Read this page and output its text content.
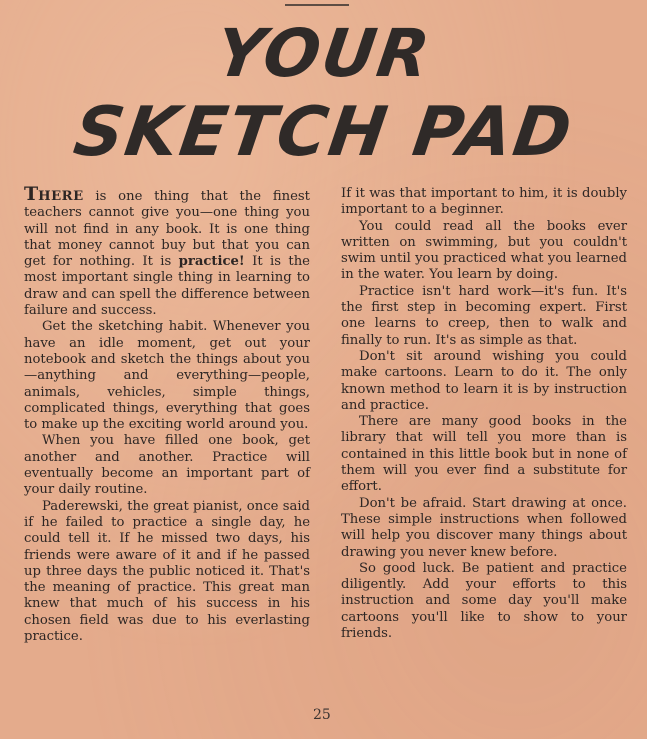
YOUR
SKETCH PAD

THERE is one thing that the finest teachers cannot give you—one thing you will not find in any book. It is one thing that money cannot buy but that you can get for nothing. It is practice! It is the most important single thing in learning to draw and can spell the difference between failure and success.

Get the sketching habit. Whenever you have an idle moment, get out your notebook and sketch the things about you—anything and everything—people, animals, vehicles, simple things, complicated things, everything that goes to make up the exciting world around you.

When you have filled one book, get another and another. Practice will eventually become an important part of your daily routine.

Paderewski, the great pianist, once said if he failed to practice a single day, he could tell it. If he missed two days, his friends were aware of it and if he passed up three days the public noticed it. That's the meaning of practice. This great man knew that much of his success in his chosen field was due to his everlasting practice.

If it was that important to him, it is doubly important to a beginner.

You could read all the books ever written on swimming, but you couldn't swim until you practiced what you learned in the water. You learn by doing.

Practice isn't hard work—it's fun. It's the first step in becoming expert. First one learns to creep, then to walk and finally to run. It's as simple as that.

Don't sit around wishing you could make cartoons. Learn to do it. The only known method to learn it is by instruction and practice.

There are many good books in the library that will tell you more than is contained in this little book but in none of them will you ever find a substitute for effort.

Don't be afraid. Start drawing at once. These simple instructions when followed will help you discover many things about drawing you never knew before.

So good luck. Be patient and practice diligently. Add your efforts to this instruction and some day you'll make cartoons you'll like to show to your friends.

25
